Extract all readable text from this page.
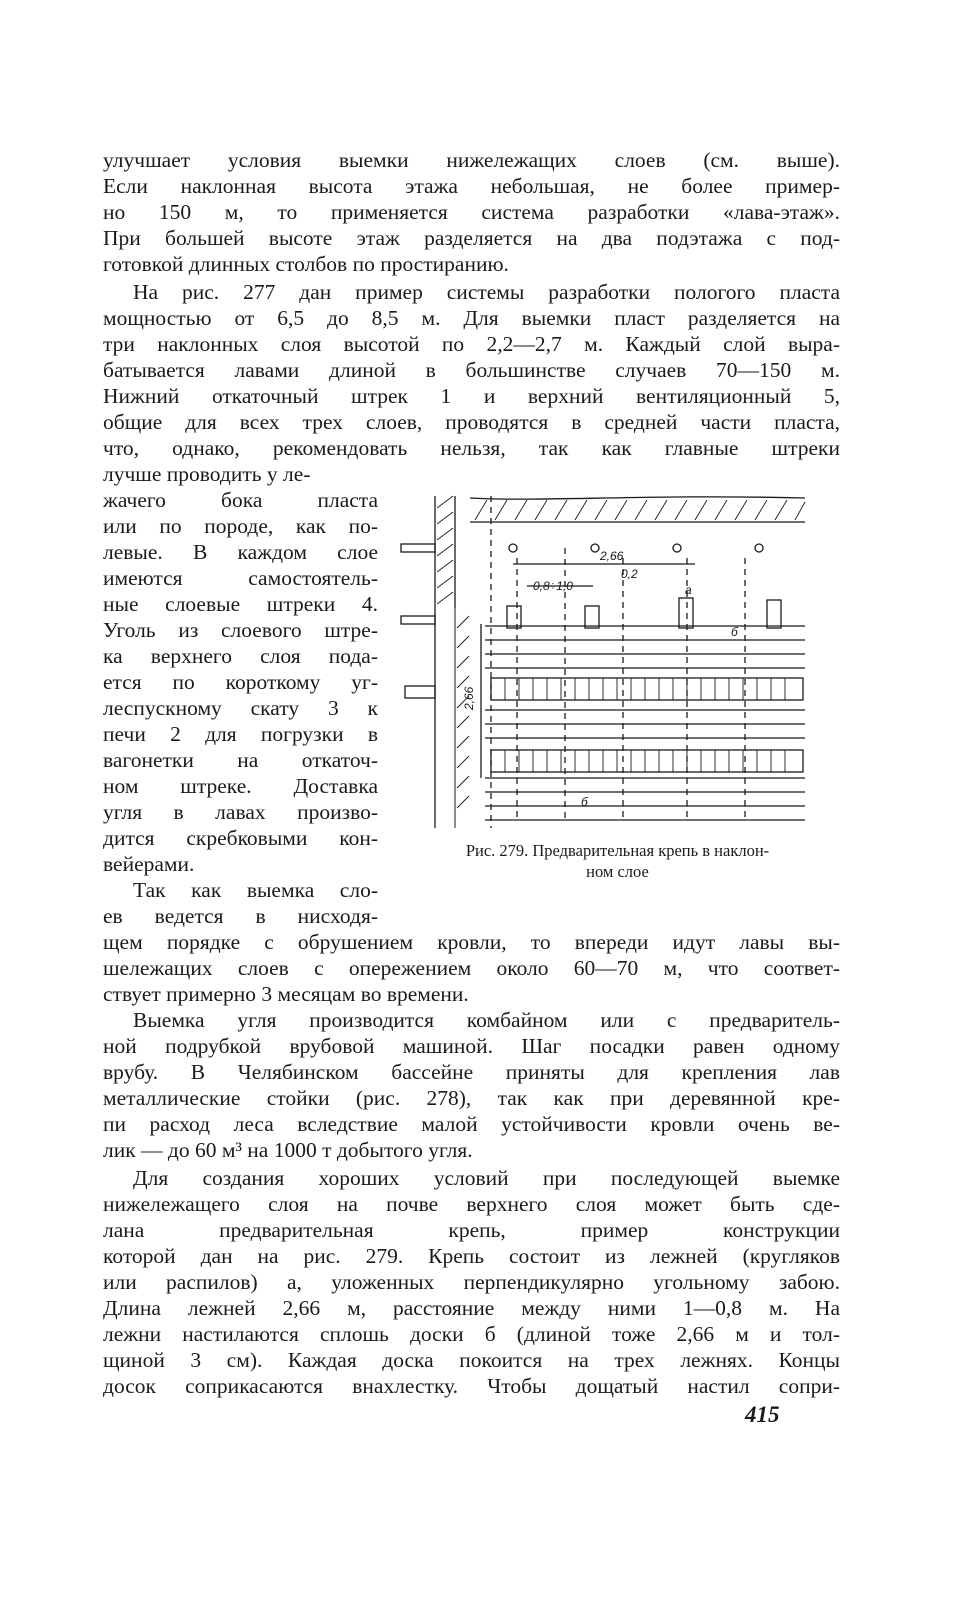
улучшает условия выемки нижележащих слоев (см. выше).
Если наклонная высота этажа небольшая, не более пример-
но 150 м, то применяется система разработки «лава-этаж».
При большей высоте этаж разделяется на два подэтажа с под-
готовкой длинных столбов по простиранию.
На рис. 277 дан пример системы разработки пологого пласта
мощностью от 6,5 до 8,5 м. Для выемки пласт разделяется на
три наклонных слоя высотой по 2,2—2,7 м. Каждый слой выра-
батывается лавами длиной в большинстве случаев 70—150 м.
Нижний откаточный штрек 1 и верхний вентиляционный 5,
общие для всех трех слоев, проводятся в средней части пласта,
что, однако, рекомендовать нельзя, так как главные штреки
лучше проводить у ле-
жачего бока пласта
или по породе, как по-
левые. В каждом слое
имеются самостоятель-
ные слоевые штреки 4.
Уголь из слоевого штре-
ка верхнего слоя пода-
ется по короткому уг-
леспускному скату 3 к
печи 2 для погрузки в
вагонетки на откаточ-
ном штреке. Доставка
угля в лавах произво-
дится скребковыми кон-
вейерами.
Так как выемка сло-
ев ведется в нисходя-
2,66
0,2
0,8÷1,0	а
б
2,66
б
Рис. 279. Предварительная крепь в наклон-
ном слое
щем порядке с обрушением кровли, то впереди идут лавы вы-
шележащих слоев с опережением около 60—70 м, что соответ-
ствует примерно 3 месяцам во времени.
Выемка угля производится комбайном или с предваритель-
ной подрубкой врубовой машиной. Шаг посадки равен одному
врубу. В Челябинском бассейне приняты для крепления лав
металлические стойки (рис. 278), так как при деревянной кре-
пи расход леса вследствие малой устойчивости кровли очень ве-
лик — до 60 м³ на 1000 т добытого угля.
Для создания хороших условий при последующей выемке
нижележащего слоя на почве верхнего слоя может быть сде-
лана предварительная крепь, пример конструкции
которой дан на рис. 279. Крепь состоит из лежней (кругляков
или распилов) а, уложенных перпендикулярно угольному забою.
Длина лежней 2,66 м, расстояние между ними 1—0,8 м. На
лежни настилаются сплошь доски б (длиной тоже 2,66 м и тол-
щиной 3 см). Каждая доска покоится на трех лежнях. Концы
досок соприкасаются внахлестку. Чтобы дощатый настил сопри-
415
